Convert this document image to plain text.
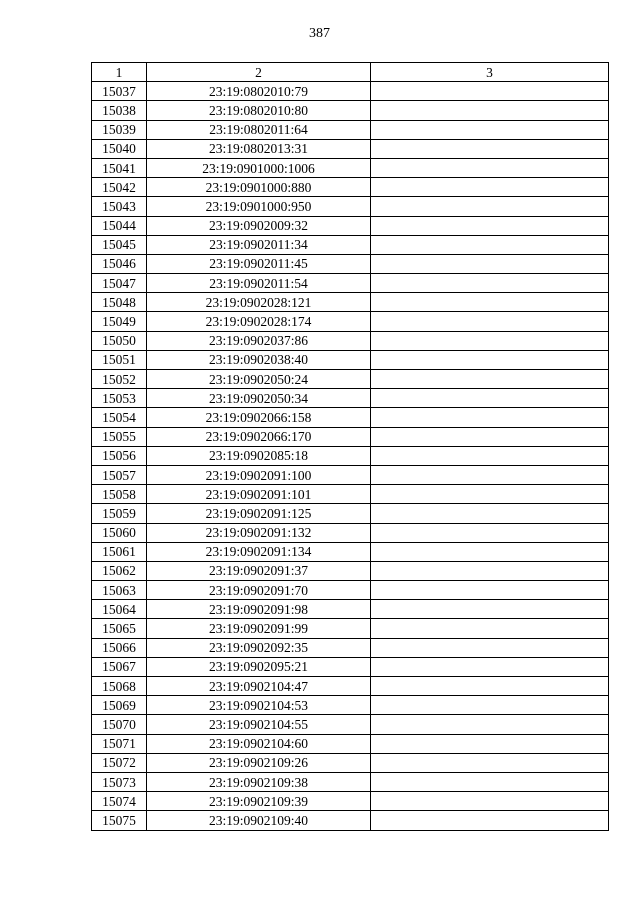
387
1	2	3
15037	23:19:0802010:79	
15038	23:19:0802010:80	
15039	23:19:0802011:64	
15040	23:19:0802013:31	
15041	23:19:0901000:1006	
15042	23:19:0901000:880	
15043	23:19:0901000:950	
15044	23:19:0902009:32	
15045	23:19:0902011:34	
15046	23:19:0902011:45	
15047	23:19:0902011:54	
15048	23:19:0902028:121	
15049	23:19:0902028:174	
15050	23:19:0902037:86	
15051	23:19:0902038:40	
15052	23:19:0902050:24	
15053	23:19:0902050:34	
15054	23:19:0902066:158	
15055	23:19:0902066:170	
15056	23:19:0902085:18	
15057	23:19:0902091:100	
15058	23:19:0902091:101	
15059	23:19:0902091:125	
15060	23:19:0902091:132	
15061	23:19:0902091:134	
15062	23:19:0902091:37	
15063	23:19:0902091:70	
15064	23:19:0902091:98	
15065	23:19:0902091:99	
15066	23:19:0902092:35	
15067	23:19:0902095:21	
15068	23:19:0902104:47	
15069	23:19:0902104:53	
15070	23:19:0902104:55	
15071	23:19:0902104:60	
15072	23:19:0902109:26	
15073	23:19:0902109:38	
15074	23:19:0902109:39	
15075	23:19:0902109:40	
